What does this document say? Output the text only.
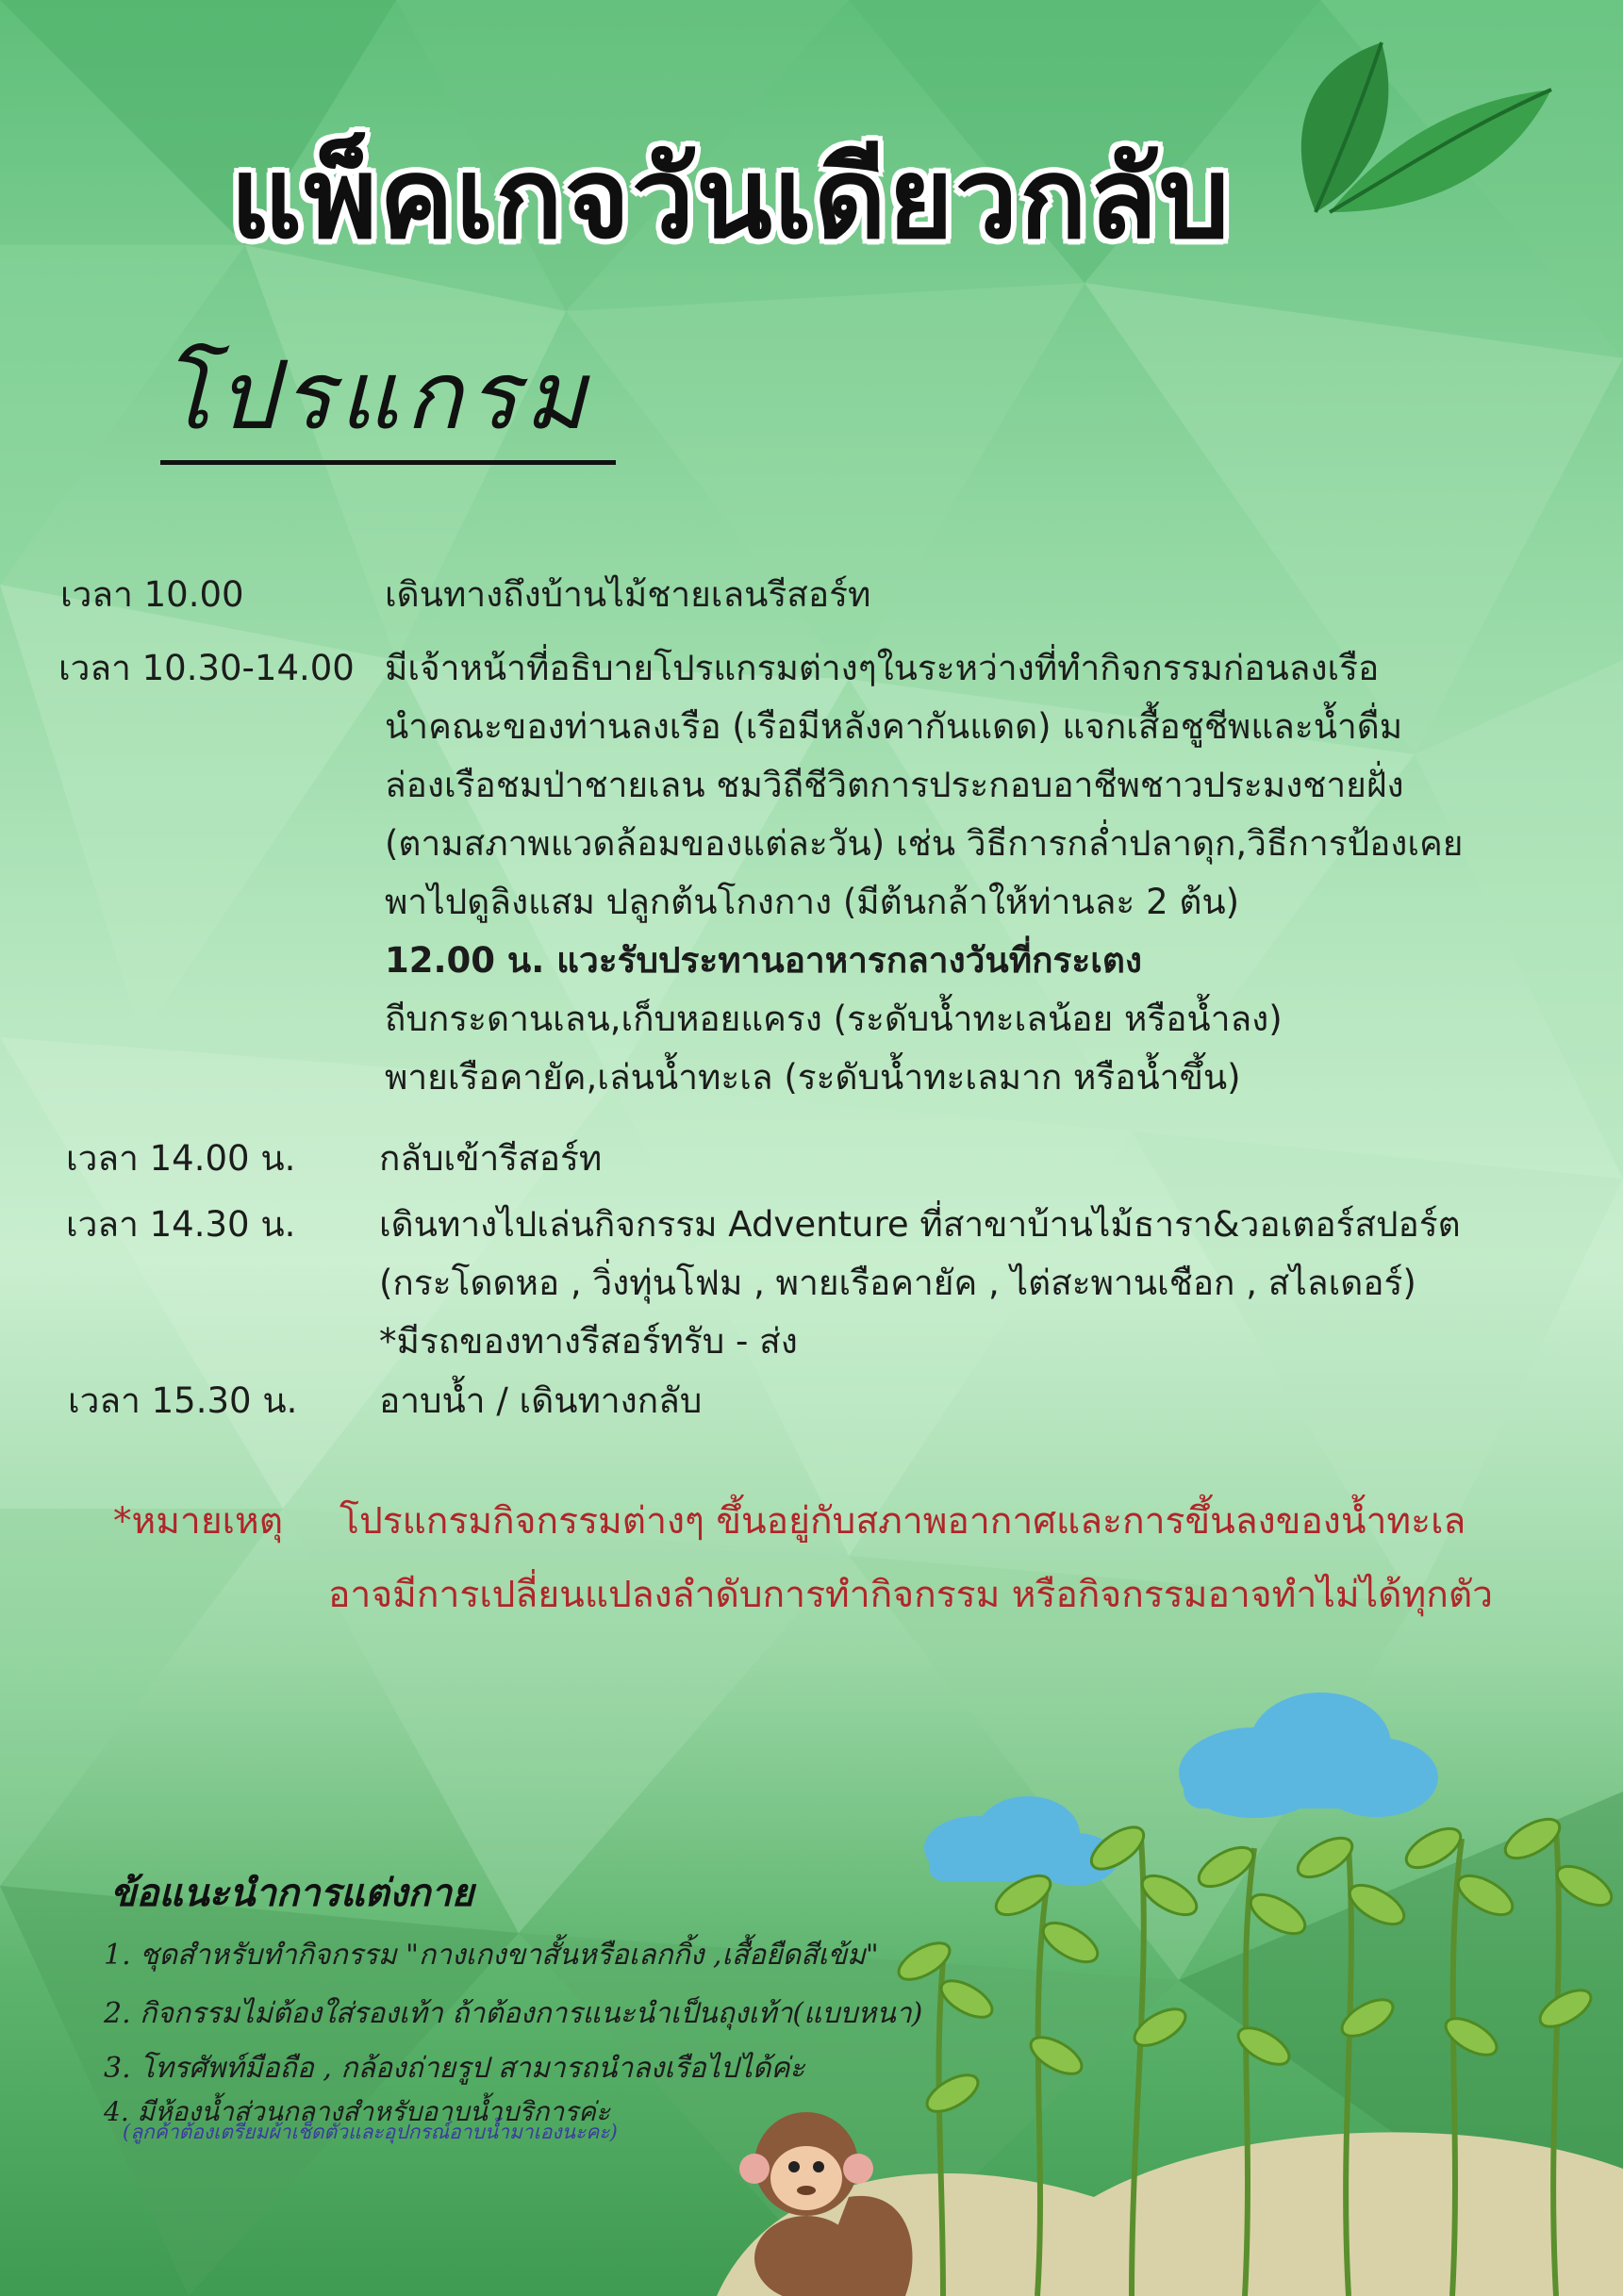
แพ็คเกจวันเดียวกลับ
โปรแกรม
เวลา 10.00	เดินทางถึงบ้านไม้ชายเลนรีสอร์ท
เวลา 10.30-14.00 มีเจ้าหน้าที่อธิบายโปรแกรมต่างๆในระหว่างที่ทำกิจกรรมก่อนลงเรือ
นำคณะของท่านลงเรือ (เรือมีหลังคากันแดด) แจกเสื้อชูชีพและน้ำดื่ม
ล่องเรือชมป่าชายเลน ชมวิถีชีวิตการประกอบอาชีพชาวประมงชายฝั่ง
(ตามสภาพแวดล้อมของแต่ละวัน) เช่น วิธีการกล่ำปลาดุก,วิธีการป้องเคย
พาไปดูลิงแสม ปลูกต้นโกงกาง (มีต้นกล้าให้ท่านละ 2 ต้น)
12.00 น. แวะรับประทานอาหารกลางวันที่กระเตง
ถีบกระดานเลน,เก็บหอยแครง (ระดับน้ำทะเลน้อย หรือน้ำลง)
พายเรือคายัค,เล่นน้ำทะเล (ระดับน้ำทะเลมาก หรือน้ำขึ้น)
เวลา 14.00 น. กลับเข้ารีสอร์ท
เวลา 14.30 น. เดินทางไปเล่นกิจกรรม Adventure ที่สาขาบ้านไม้ธารา&วอเตอร์สปอร์ต
(กระโดดหอ , วิ่งทุ่นโฟม , พายเรือคายัค , ไต่สะพานเชือก , สไลเดอร์)
*มีรถของทางรีสอร์ทรับ - ส่ง
เวลา 15.30 น. อาบน้ำ / เดินทางกลับ
*หมายเหตุ โปรแกรมกิจกรรมต่างๆ ขึ้นอยู่กับสภาพอากาศและการขึ้นลงของน้ำทะเล
อาจมีการเปลี่ยนแปลงลำดับการทำกิจกรรม หรือกิจกรรมอาจทำไม่ได้ทุกตัว
ข้อแนะนำการแต่งกาย
1. ชุดสำหรับทำกิจกรรม "กางเกงขาสั้นหรือเลกกิ้ง ,เสื้อยืดสีเข้ม"
2. กิจกรรมไม่ต้องใส่รองเท้า ถ้าต้องการแนะนำเป็นถุงเท้า(แบบหนา)
3. โทรศัพท์มือถือ , กล้องถ่ายรูป สามารถนำลงเรือไปได้ค่ะ
4. มีห้องน้ำส่วนกลางสำหรับอาบน้ำบริการค่ะ
(ลูกค้าต้องเตรียมผ้าเช็ดตัวและอุปกรณ์อาบน้ำมาเองนะคะ)
